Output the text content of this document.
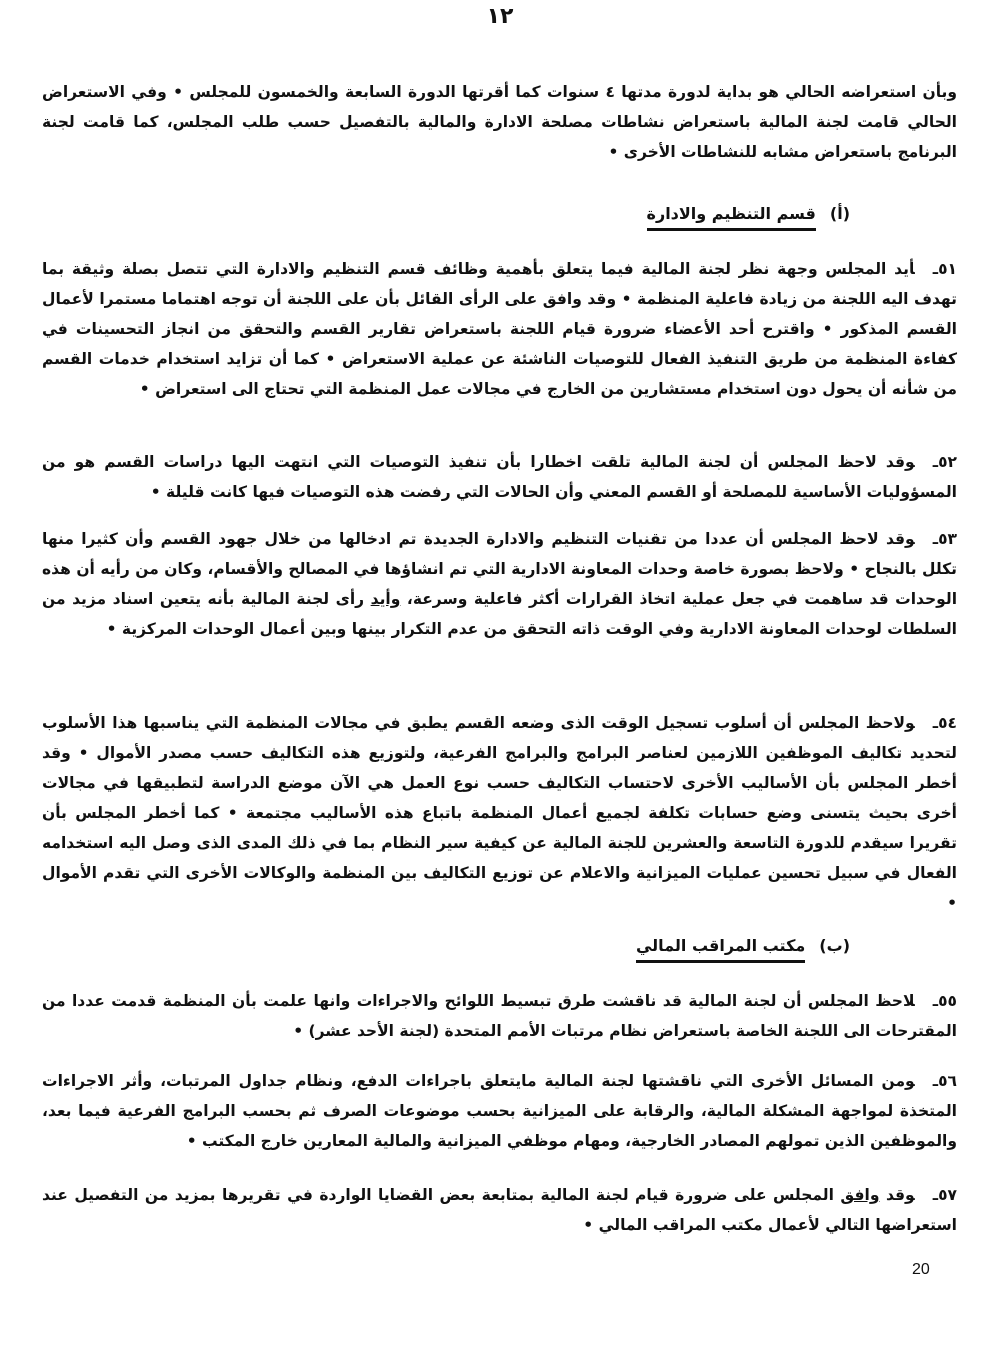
١٢

وبأن استعراضه الحالي هو بداية لدورة مدتها ٤ سنوات كما أقرتها الدورة السابعة والخمسون للمجلس • وفي الاستعراض الحالي قامت لجنة المالية باستعراض نشاطات مصلحة الادارة والمالية بالتفصيل حسب طلب المجلس، كما قامت لجنة البرنامج باستعراض مشابه للنشاطات الأخرى •

(أ)قسم التنظيم والادارة

٥١ـأيد المجلس وجهة نظر لجنة المالية فيما يتعلق بأهمية وظائف قسم التنظيم والادارة التي تتصل بصلة وثيقة بما تهدف اليه اللجنة من زيادة فاعلية المنظمة • وقد وافق على الرأى القائل بأن على اللجنة أن توجه اهتماما مستمرا لأعمال القسم المذكور • واقترح أحد الأعضاء ضرورة قيام اللجنة باستعراض تقارير القسم والتحقق من انجاز التحسينات في كفاءة المنظمة من طريق التنفيذ الفعال للتوصيات الناشئة عن عملية الاستعراض • كما أن تزايد استخدام خدمات القسم من شأنه أن يحول دون استخدام مستشارين من الخارج في مجالات عمل المنظمة التي تحتاج الى استعراض •

٥٢ـوقد لاحظ المجلس أن لجنة المالية تلقت اخطارا بأن تنفيذ التوصيات التي انتهت اليها دراسات القسم هو من المسؤوليات الأساسية للمصلحة أو القسم المعني وأن الحالات التي رفضت هذه التوصيات فيها كانت قليلة •

٥٣ـوقد لاحظ المجلس أن عددا من تقنيات التنظيم والادارة الجديدة تم ادخالها من خلال جهود القسم وأن كثيرا منها تكلل بالنجاح • ولاحظ بصورة خاصة وحدات المعاونة الادارية التي تم انشاؤها في المصالح والأقسام، وكان من رأيه أن هذه الوحدات قد ساهمت في جعل عملية اتخاذ القرارات أكثر فاعلية وسرعة، وأيد رأى لجنة المالية بأنه يتعين اسناد مزيد من السلطات لوحدات المعاونة الادارية وفي الوقت ذاته التحقق من عدم التكرار بينها وبين أعمال الوحدات المركزية •

٥٤ـولاحظ المجلس أن أسلوب تسجيل الوقت الذى وضعه القسم يطبق في مجالات المنظمة التي يناسبها هذا الأسلوب لتحديد تكاليف الموظفين اللازمين لعناصر البرامج والبرامج الفرعية، ولتوزيع هذه التكاليف حسب مصدر الأموال • وقد أخطر المجلس بأن الأساليب الأخرى لاحتساب التكاليف حسب نوع العمل هي الآن موضع الدراسة لتطبيقها في مجالات أخرى بحيث يتسنى وضع حسابات تكلفة لجميع أعمال المنظمة باتباع هذه الأساليب مجتمعة • كما أخطر المجلس بأن تقريرا سيقدم للدورة التاسعة والعشرين للجنة المالية عن كيفية سير النظام بما في ذلك المدى الذى وصل اليه استخدامه الفعال في سبيل تحسين عمليات الميزانية والاعلام عن توزيع التكاليف بين المنظمة والوكالات الأخرى التي تقدم الأموال •

(ب)مكتب المراقب المالي

٥٥ـلاحظ المجلس أن لجنة المالية قد ناقشت طرق تبسيط اللوائح والاجراءات وانها علمت بأن المنظمة قدمت عددا من المقترحات الى اللجنة الخاصة باستعراض نظام مرتبات الأمم المتحدة (لجنة الأحد عشر) •

٥٦ـومن المسائل الأخرى التي ناقشتها لجنة المالية مايتعلق باجراءات الدفع، ونظام جداول المرتبات، وأثر الاجراءات المتخذة لمواجهة المشكلة المالية، والرقابة على الميزانية بحسب موضوعات الصرف ثم بحسب البرامج الفرعية فيما بعد، والموظفين الذين تمولهم المصادر الخارجية، ومهام موظفي الميزانية والمالية المعارين خارج المكتب •

٥٧ـوقد وافق المجلس على ضرورة قيام لجنة المالية بمتابعة بعض القضايا الواردة في تقريرها بمزيد من التفصيل عند استعراضها التالي لأعمال مكتب المراقب المالي •

20
